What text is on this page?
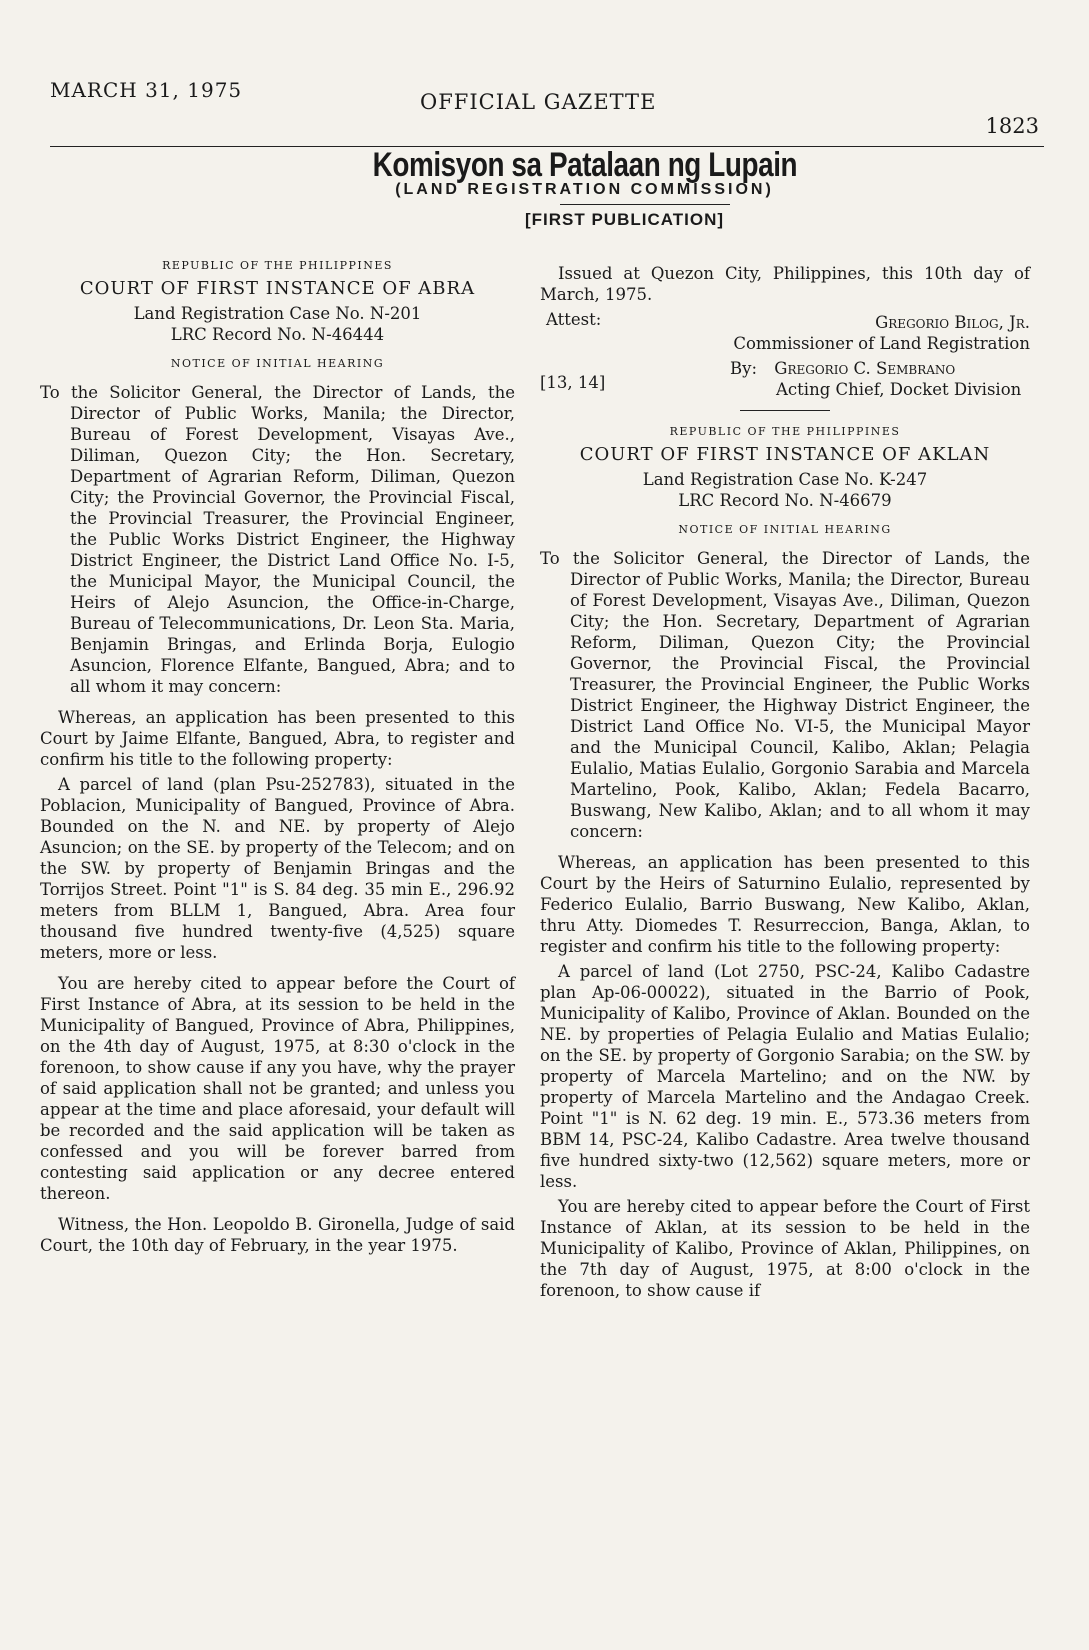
MARCH 31, 1975	OFFICIAL GAZETTE
1823
Komisyon sa Patalaan ng Lupain
(LAND REGISTRATION COMMISSION)
[FIRST PUBLICATION]
REPUBLIC OF THE PHILIPPINES
COURT OF FIRST INSTANCE OF ABRA
Land Registration Case No. N-201
LRC Record No. N-46444
NOTICE OF INITIAL HEARING
To the Solicitor General, the Director of Lands, the Director of Public Works, Manila; the Director, Bureau of Forest Development, Visayas Ave., Diliman, Quezon City; the Hon. Secretary, Department of Agrarian Reform, Diliman, Quezon City; the Provincial Governor, the Provincial Fiscal, the Provincial Treasurer, the Provincial Engineer, the Public Works District Engineer, the Highway District Engineer, the District Land Office No. I-5, the Municipal Mayor, the Municipal Council, the Heirs of Alejo Asuncion, the Office-in-Charge, Bureau of Telecommunications, Dr. Leon Sta. Maria, Benjamin Bringas, and Erlinda Borja, Eulogio Asuncion, Florence Elfante, Bangued, Abra; and to all whom it may concern:
Whereas, an application has been presented to this Court by Jaime Elfante, Bangued, Abra, to register and confirm his title to the following property:
A parcel of land (plan Psu-252783), situated in the Poblacion, Municipality of Bangued, Province of Abra. Bounded on the N. and NE. by property of Alejo Asuncion; on the SE. by property of the Telecom; and on the SW. by property of Benjamin Bringas and the Torrijos Street. Point "1" is S. 84 deg. 35 min E., 296.92 meters from BLLM 1, Bangued, Abra. Area four thousand five hundred twenty-five (4,525) square meters, more or less.
You are hereby cited to appear before the Court of First Instance of Abra, at its session to be held in the Municipality of Bangued, Province of Abra, Philippines, on the 4th day of August, 1975, at 8:30 o'clock in the forenoon, to show cause if any you have, why the prayer of said application shall not be granted; and unless you appear at the time and place aforesaid, your default will be recorded and the said application will be taken as confessed and you will be forever barred from contesting said application or any decree entered thereon.
Witness, the Hon. Leopoldo B. Gironella, Judge of said Court, the 10th day of February, in the year 1975.
Issued at Quezon City, Philippines, this 10th day of March, 1975.
Attest:	Gregorio Bilog, Jr.
Commissioner of Land Registration
[13, 14]
By: Gregorio C. Sembrano
Acting Chief, Docket Division
REPUBLIC OF THE PHILIPPINES
COURT OF FIRST INSTANCE OF AKLAN
Land Registration Case No. K-247
LRC Record No. N-46679
NOTICE OF INITIAL HEARING
To the Solicitor General, the Director of Lands, the Director of Public Works, Manila; the Director, Bureau of Forest Development, Visayas Ave., Diliman, Quezon City; the Hon. Secretary, Department of Agrarian Reform, Diliman, Quezon City; the Provincial Governor, the Provincial Fiscal, the Provincial Treasurer, the Provincial Engineer, the Public Works District Engineer, the Highway District Engineer, the District Land Office No. VI-5, the Municipal Mayor and the Municipal Council, Kalibo, Aklan; Pelagia Eulalio, Matias Eulalio, Gorgonio Sarabia and Marcela Martelino, Pook, Kalibo, Aklan; Fedela Bacarro, Buswang, New Kalibo, Aklan; and to all whom it may concern:
Whereas, an application has been presented to this Court by the Heirs of Saturnino Eulalio, represented by Federico Eulalio, Barrio Buswang, New Kalibo, Aklan, thru Atty. Diomedes T. Resurreccion, Banga, Aklan, to register and confirm his title to the following property:
A parcel of land (Lot 2750, PSC-24, Kalibo Cadastre plan Ap-06-00022), situated in the Barrio of Pook, Municipality of Kalibo, Province of Aklan. Bounded on the NE. by properties of Pelagia Eulalio and Matias Eulalio; on the SE. by property of Gorgonio Sarabia; on the SW. by property of Marcela Martelino; and on the NW. by property of Marcela Martelino and the Andagao Creek. Point "1" is N. 62 deg. 19 min. E., 573.36 meters from BBM 14, PSC-24, Kalibo Cadastre. Area twelve thousand five hundred sixty-two (12,562) square meters, more or less.
You are hereby cited to appear before the Court of First Instance of Aklan, at its session to be held in the Municipality of Kalibo, Province of Aklan, Philippines, on the 7th day of August, 1975, at 8:00 o'clock in the forenoon, to show cause if
